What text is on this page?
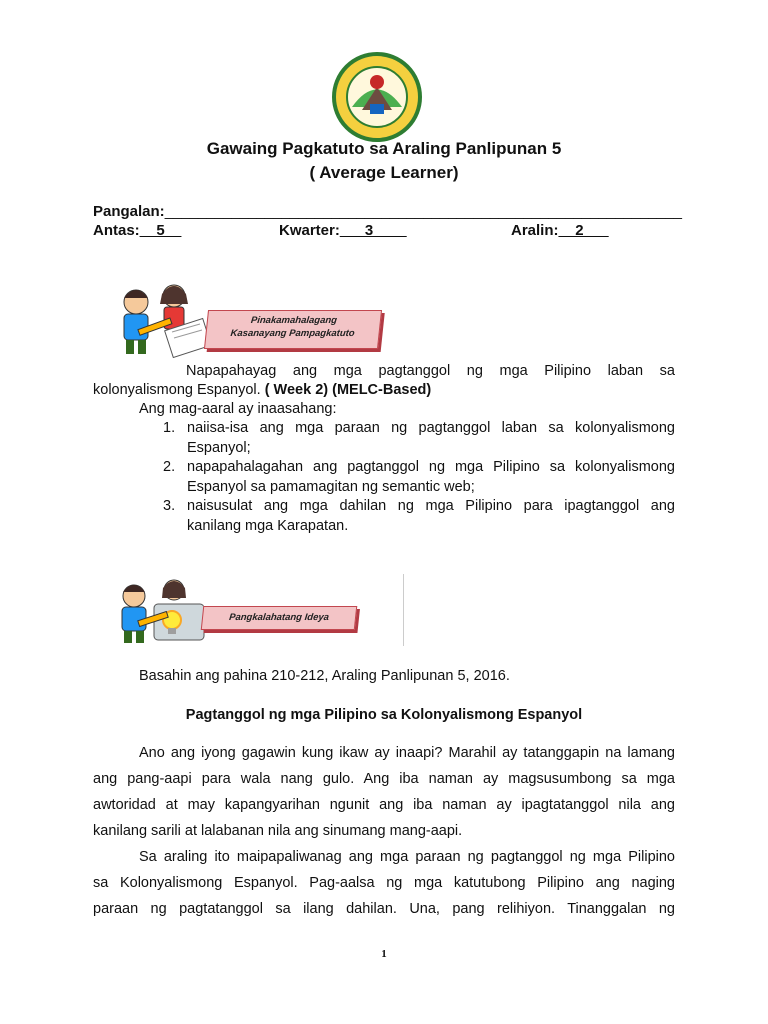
Gawaing Pagkatuto sa Araling Panlipunan 5
( Average Learner)
Pangalan:______________________________________________________________
Antas:__5__	Kwarter:___3____	Aralin:__2___
Pinakamahalagang
Kasanayang Pampagkatuto
Napapahayag ang mga pagtanggol ng mga Pilipino laban sa
kolonyalismong Espanyol. ( Week 2) (MELC-Based)
Ang mag-aaral ay inaasahang:
1. naiisa-isa ang mga paraan ng pagtanggol laban sa kolonyalismong
Espanyol;
2. napapahalagahan ang pagtanggol ng mga Pilipino sa kolonyalismong
Espanyol sa pamamagitan ng semantic web;
3. naisusulat ang mga dahilan ng mga Pilipino para ipagtanggol ang
kanilang mga Karapatan.
Pangkalahatang Ideya
Basahin ang pahina 210-212, Araling Panlipunan 5, 2016.
Pagtanggol ng mga Pilipino sa Kolonyalismong Espanyol
Ano ang iyong gagawin kung ikaw ay inaapi? Marahil ay tatanggapin na lamang
ang pang-aapi para wala nang gulo. Ang iba naman ay magsusumbong sa mga
awtoridad at may kapangyarihan ngunit ang iba naman ay ipagtatanggol nila ang
kanilang sarili at lalabanan nila ang sinumang mang-aapi.
Sa araling ito maipapaliwanag ang mga paraan ng pagtanggol ng mga Pilipino
sa Kolonyalismong Espanyol. Pag-aalsa ng mga katutubong Pilipino ang naging
paraan ng pagtatanggol sa ilang dahilan. Una, pang relihiyon. Tinanggalan ng
1
